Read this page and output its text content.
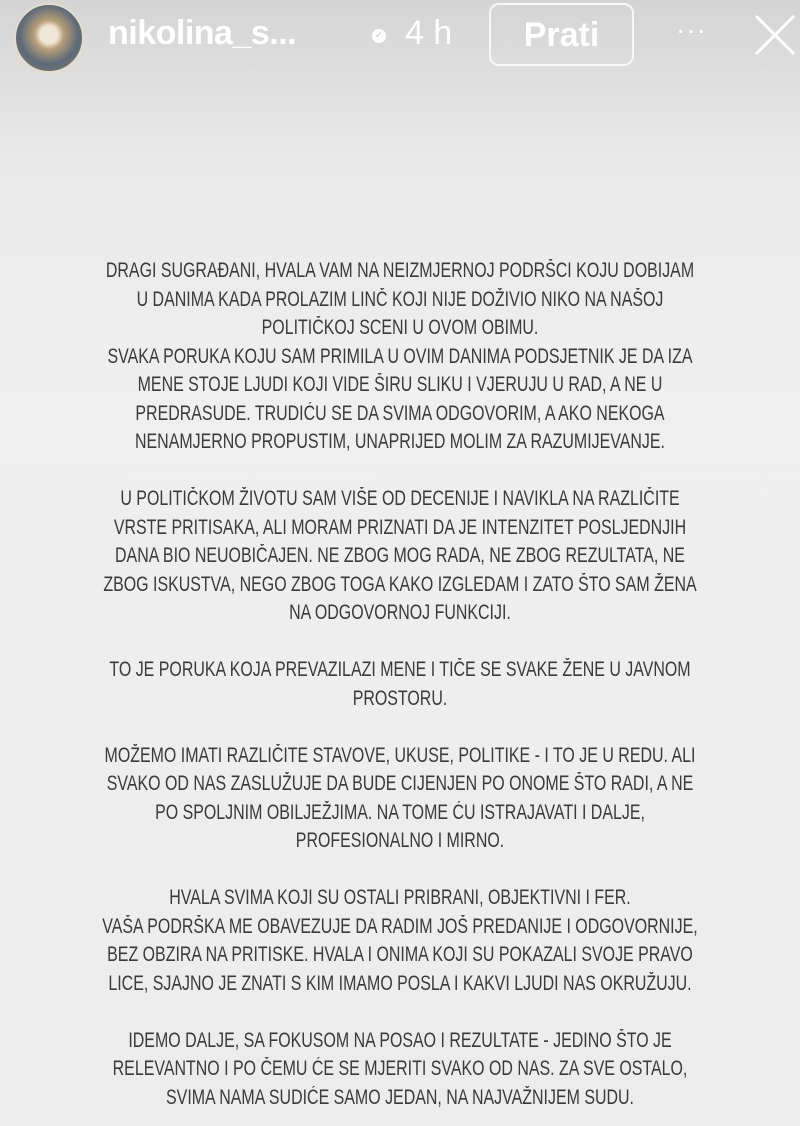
nikolina_s...	✓ 4 h	Prati	···
DRAGI SUGRAĐANI, HVALA VAM NA NEIZMJERNOJ PODRŠCI KOJU DOBIJAM
U DANIMA KADA PROLAZIM LINČ KOJI NIJE DOŽIVIO NIKO NA NAŠOJ
POLITIČKOJ SCENI U OVOM OBIMU.
SVAKA PORUKA KOJU SAM PRIMILA U OVIM DANIMA PODSJETNIK JE DA IZA
MENE STOJE LJUDI KOJI VIDE ŠIRU SLIKU I VJERUJU U RAD, A NE U
PREDRASUDE. TRUDIĆU SE DA SVIMA ODGOVORIM, A AKO NEKOGA
NENAMJERNO PROPUSTIM, UNAPRIJED MOLIM ZA RAZUMIJEVANJE.
U POLITIČKOM ŽIVOTU SAM VIŠE OD DECENIJE I NAVIKLA NA RAZLIČITE
VRSTE PRITISAKA, ALI MORAM PRIZNATI DA JE INTENZITET POSLJEDNJIH
DANA BIO NEUOBIČAJEN. NE ZBOG MOG RADA, NE ZBOG REZULTATA, NE
ZBOG ISKUSTVA, NEGO ZBOG TOGA KAKO IZGLEDAM I ZATO ŠTO SAM ŽENA
NA ODGOVORNOJ FUNKCIJI.
TO JE PORUKA KOJA PREVAZILAZI MENE I TIČE SE SVAKE ŽENE U JAVNOM
PROSTORU.
MOŽEMO IMATI RAZLIČITE STAVOVE, UKUSE, POLITIKE - I TO JE U REDU. ALI
SVAKO OD NAS ZASLUŽUJE DA BUDE CIJENJEN PO ONOME ŠTO RADI, A NE
PO SPOLJNIM OBILJEŽJIMA. NA TOME ĆU ISTRAJAVATI I DALJE,
PROFESIONALNO I MIRNO.
HVALA SVIMA KOJI SU OSTALI PRIBRANI, OBJEKTIVNI I FER.
VAŠA PODRŠKA ME OBAVEZUJE DA RADIM JOŠ PREDANIJE I ODGOVORNIJE,
BEZ OBZIRA NA PRITISKE. HVALA I ONIMA KOJI SU POKAZALI SVOJE PRAVO
LICE, SJAJNO JE ZNATI S KIM IMAMO POSLA I KAKVI LJUDI NAS OKRUŽUJU.
IDEMO DALJE, SA FOKUSOM NA POSAO I REZULTATE - JEDINO ŠTO JE
RELEVANTNO I PO ČEMU ĆE SE MJERITI SVAKO OD NAS. ZA SVE OSTALO,
SVIMA NAMA SUDIĆE SAMO JEDAN, NA NAJVAŽNIJEM SUDU.
